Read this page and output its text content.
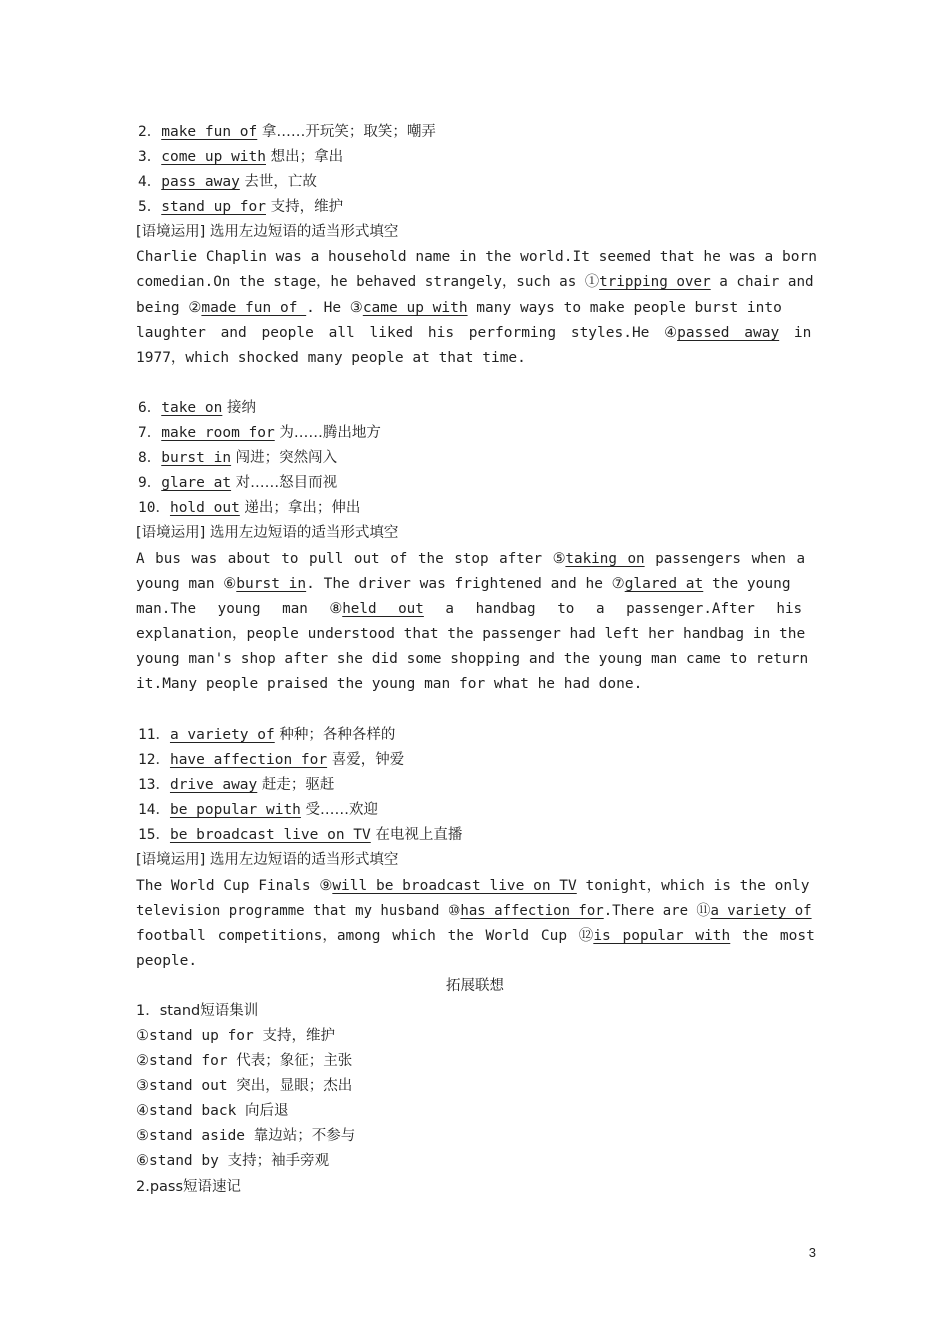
2．make fun of 拿……开玩笑；取笑；嘲弄
3．come up with 想出；拿出
4．pass away 去世，亡故
5．stand up for 支持，维护
[语境运用] 选用左边短语的适当形式填空
Charlie Chaplin was a household name in the world.It seemed that he was a born
comedian.On the stage，he behaved strangely，such as ①tripping over a chair and
being ②made fun of . He ③came up with many ways to make people burst into
laughter and people all liked his performing styles.He ④passed away in
1977，which shocked many people at that time.
6．take on 接纳
7．make room for 为……腾出地方
8．burst in 闯进；突然闯入
9．glare at 对……怒目而视
10．hold out 递出；拿出；伸出
[语境运用] 选用左边短语的适当形式填空
A bus was about to pull out of the stop after ⑤taking on passengers when a
young man ⑥burst in. The driver was frightened and he ⑦glared at the young
man.The young man ⑧held out a handbag to a passenger.After his
explanation，people understood that the passenger had left her handbag in the
young man's shop after she did some shopping and the young man came to return
it.Many people praised the young man for what he had done.
11．a variety of 种种；各种各样的
12．have affection for 喜爱，钟爱
13．drive away 赶走；驱赶
14．be popular with 受……欢迎
15．be broadcast live on TV 在电视上直播
[语境运用] 选用左边短语的适当形式填空
The World Cup Finals ⑨will be broadcast live on TV tonight，which is the only
television programme that my husband ⑩has affection for.There are ⑪a variety of
football competitions，among which the World Cup ⑫is popular with the most
people.
拓展联想
1．stand短语集训
①stand up for 支持，维护
②stand for 代表；象征；主张
③stand out 突出，显眼；杰出
④stand back 向后退
⑤stand aside 靠边站；不参与
⑥stand by 支持；袖手旁观
2.pass短语速记
3
